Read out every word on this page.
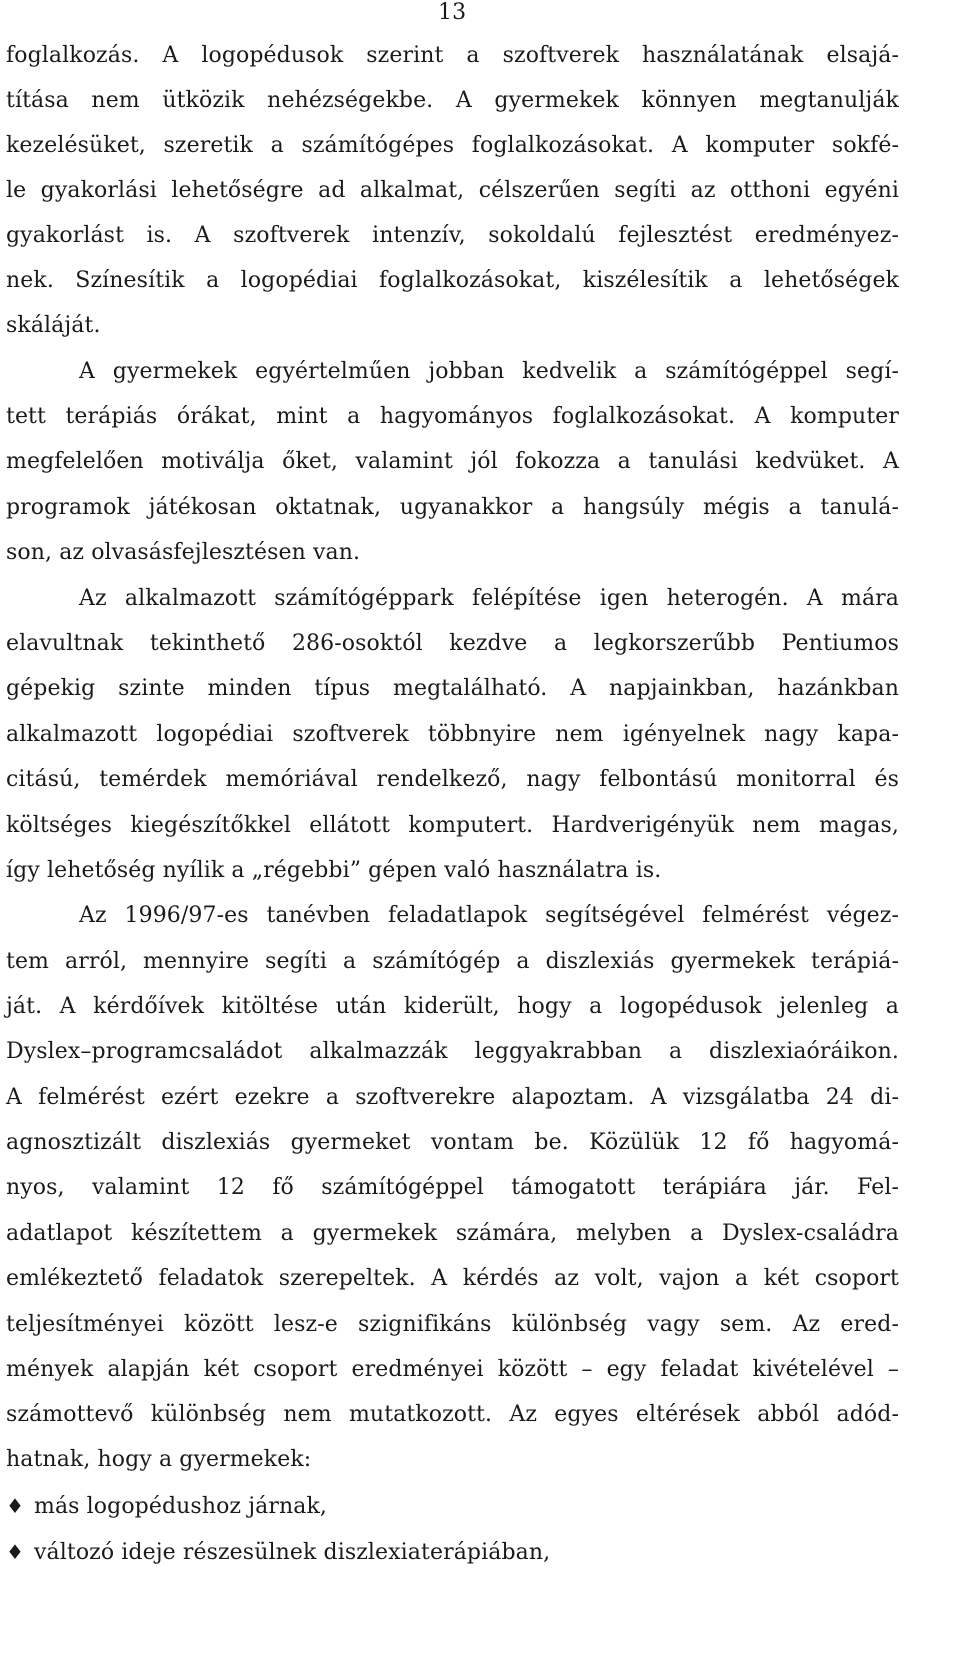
13
foglalkozás. A logopédusok szerint a szoftverek használatának elsajá-
títása nem ütközik nehézségekbe. A gyermekek könnyen megtanulják
kezelésüket, szeretik a számítógépes foglalkozásokat. A komputer sokfé-
le gyakorlási lehetőségre ad alkalmat, célszerűen segíti az otthoni egyéni
gyakorlást is. A szoftverek intenzív, sokoldalú fejlesztést eredményez-
nek. Színesítik a logopédiai foglalkozásokat, kiszélesítik a lehetőségek
skáláját.
A gyermekek egyértelműen jobban kedvelik a számítógéppel segí-
tett terápiás órákat, mint a hagyományos foglalkozásokat. A komputer
megfelelően motiválja őket, valamint jól fokozza a tanulási kedvüket. A
programok játékosan oktatnak, ugyanakkor a hangsúly mégis a tanulá-
son, az olvasásfejlesztésen van.
Az alkalmazott számítógéppark felépítése igen heterogén. A mára
elavultnak tekinthető 286-osoktól kezdve a legkorszerűbb Pentiumos
gépekig szinte minden típus megtalálható. A napjainkban, hazánkban
alkalmazott logopédiai szoftverek többnyire nem igényelnek nagy kapa-
citású, temérdek memóriával rendelkező, nagy felbontású monitorral és
költséges kiegészítőkkel ellátott komputert. Hardverigényük nem magas,
így lehetőség nyílik a „régebbi” gépen való használatra is.
Az 1996/97-es tanévben feladatlapok segítségével felmérést végez-
tem arról, mennyire segíti a számítógép a diszlexiás gyermekek terápiá-
ját. A kérdőívek kitöltése után kiderült, hogy a logopédusok jelenleg a
Dyslex–programcsaládot alkalmazzák leggyakrabban a diszlexiaóráikon.
A felmérést ezért ezekre a szoftverekre alapoztam. A vizsgálatba 24 di-
agnosztizált diszlexiás gyermeket vontam be. Közülük 12 fő hagyomá-
nyos, valamint 12 fő számítógéppel támogatott terápiára jár. Fel-
adatlapot készítettem a gyermekek számára, melyben a Dyslex-családra
emlékeztető feladatok szerepeltek. A kérdés az volt, vajon a két csoport
teljesítményei között lesz-e szignifikáns különbség vagy sem. Az ered-
mények alapján két csoport eredményei között – egy feladat kivételével –
számottevő különbség nem mutatkozott. Az egyes eltérések abból adód-
hatnak, hogy a gyermekek:
♦ más logopédushoz járnak,
♦ változó ideje részesülnek diszlexiaterápiában,
